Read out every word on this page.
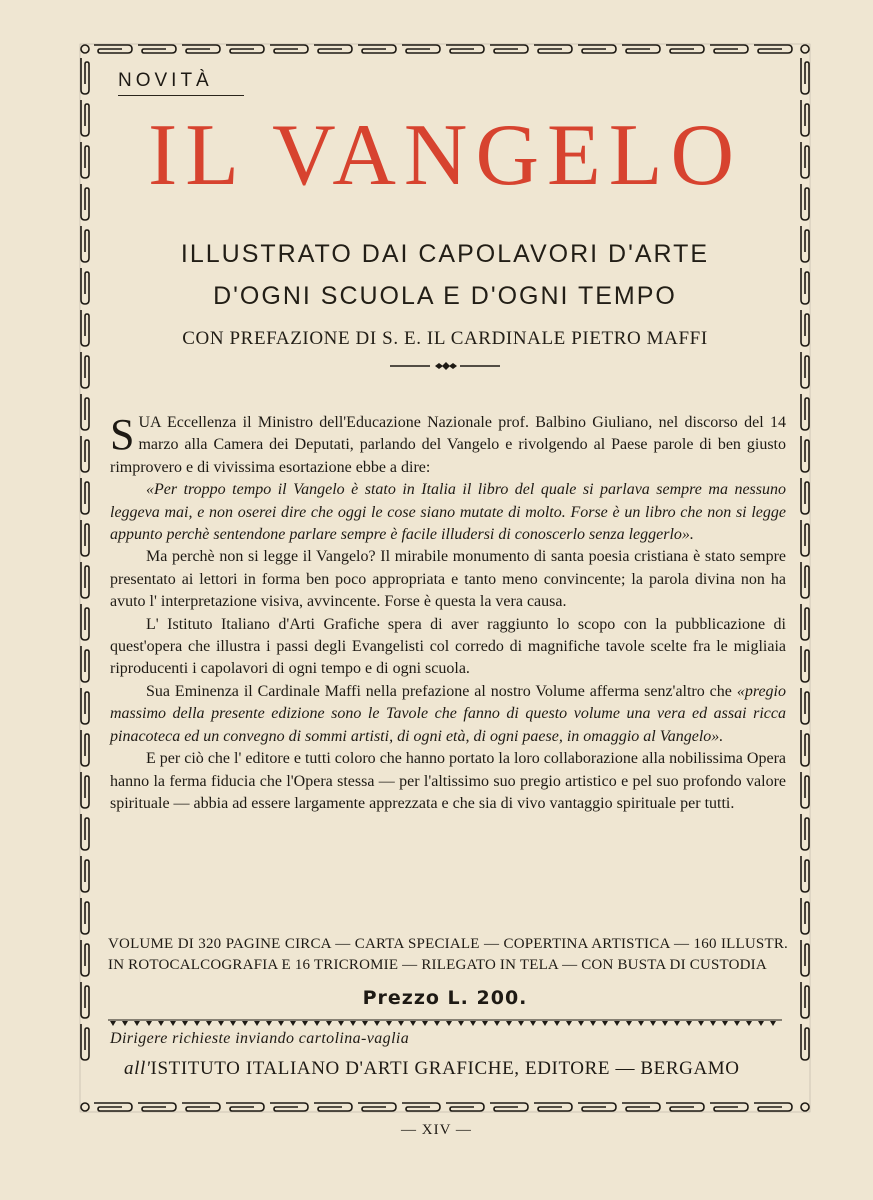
NOVITÀ
IL VANGELO
ILLUSTRATO DAI CAPOLAVORI D'ARTE
D'OGNI SCUOLA E D'OGNI TEMPO
CON PREFAZIONE DI S. E. IL CARDINALE PIETRO MAFFI

SUA Eccellenza il Ministro dell'Educazione Nazionale prof. Balbino Giuliano, nel discorso del 14 marzo alla Camera dei Deputati, parlando del Vangelo e rivolgendo al Paese parole di ben giusto rimprovero e di vivissima esortazione ebbe a dire:

«Per troppo tempo il Vangelo è stato in Italia il libro del quale si parlava sempre ma nessuno leggeva mai, e non oserei dire che oggi le cose siano mutate di molto. Forse è un libro che non si legge appunto perchè sentendone parlare sempre è facile illudersi di conoscerlo senza leggerlo».

Ma perchè non si legge il Vangelo? Il mirabile monumento di santa poesia cristiana è stato sempre presentato ai lettori in forma ben poco appropriata e tanto meno convincente; la parola divina non ha avuto l' interpretazione visiva, avvincente. Forse è questa la vera causa.

L' Istituto Italiano d'Arti Grafiche spera di aver raggiunto lo scopo con la pubblicazione di quest'opera che illustra i passi degli Evangelisti col corredo di magnifiche tavole scelte fra le migliaia riproducenti i capolavori di ogni tempo e di ogni scuola.

Sua Eminenza il Cardinale Maffi nella prefazione al nostro Volume afferma senz'altro che «pregio massimo della presente edizione sono le Tavole che fanno di questo volume una vera ed assai ricca pinacoteca ed un convegno di sommi artisti, di ogni età, di ogni paese, in omaggio al Vangelo».

E per ciò che l' editore e tutti coloro che hanno portato la loro collaborazione alla nobilissima Opera hanno la ferma fiducia che l'Opera stessa — per l'altissimo suo pregio artistico e pel suo profondo valore spirituale — abbia ad essere largamente apprezzata e che sia di vivo vantaggio spirituale per tutti.

VOLUME DI 320 PAGINE CIRCA — CARTA SPECIALE — COPERTINA ARTISTICA — 160 ILLUSTR. IN ROTOCALCOGRAFIA E 16 TRICROMIE — RILEGATO IN TELA — CON BUSTA DI CUSTODIA
Prezzo L. 200.
Dirigere richieste inviando cartolina-vaglia
all'ISTITUTO ITALIANO D'ARTI GRAFICHE, EDITORE — BERGAMO
— XIV —
